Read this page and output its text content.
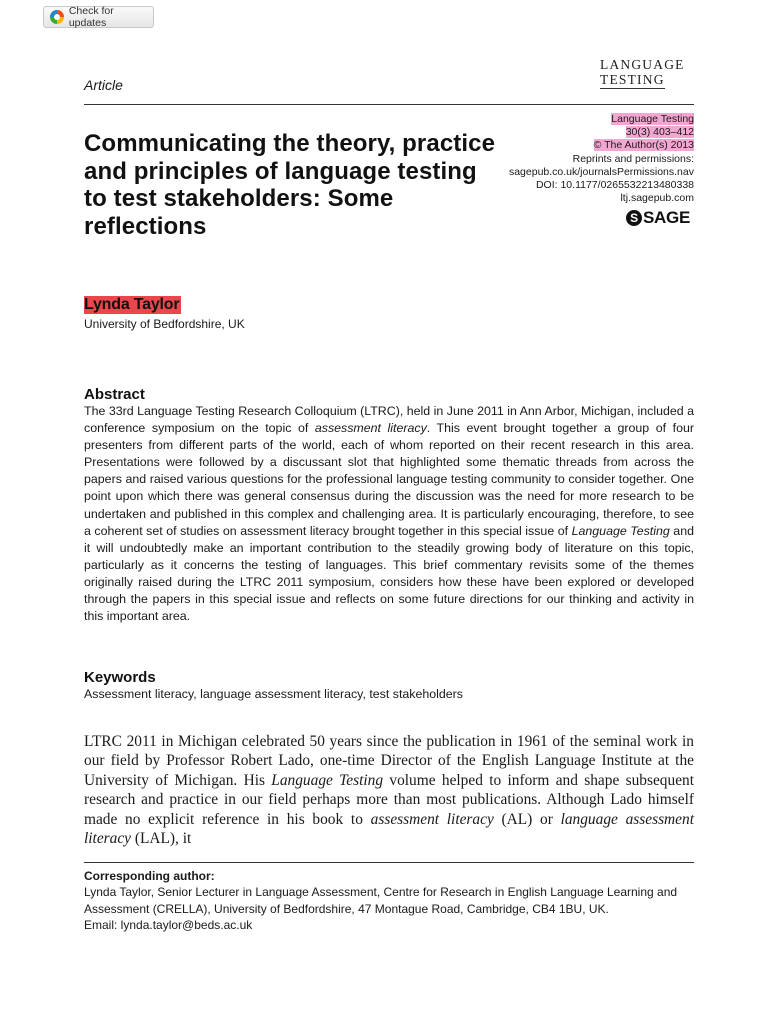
Check for updates
LANGUAGE
TESTING
Article
Language Testing
30(3) 403–412
© The Author(s) 2013
Reprints and permissions:
sagepub.co.uk/journalsPermissions.nav
DOI: 10.1177/0265532213480338
ltj.sagepub.com
S SAGE
Communicating the theory, practice and principles of language testing to test stakeholders: Some reflections
Lynda Taylor
University of Bedfordshire, UK
Abstract
The 33rd Language Testing Research Colloquium (LTRC), held in June 2011 in Ann Arbor, Michigan, included a conference symposium on the topic of assessment literacy. This event brought together a group of four presenters from different parts of the world, each of whom reported on their recent research in this area. Presentations were followed by a discussant slot that highlighted some thematic threads from across the papers and raised various questions for the professional language testing community to consider together. One point upon which there was general consensus during the discussion was the need for more research to be undertaken and published in this complex and challenging area. It is particularly encouraging, therefore, to see a coherent set of studies on assessment literacy brought together in this special issue of Language Testing and it will undoubtedly make an important contribution to the steadily growing body of literature on this topic, particularly as it concerns the testing of languages. This brief commentary revisits some of the themes originally raised during the LTRC 2011 symposium, considers how these have been explored or developed through the papers in this special issue and reflects on some future directions for our thinking and activity in this important area.
Keywords
Assessment literacy, language assessment literacy, test stakeholders
LTRC 2011 in Michigan celebrated 50 years since the publication in 1961 of the seminal work in our field by Professor Robert Lado, one-time Director of the English Language Institute at the University of Michigan. His Language Testing volume helped to inform and shape subsequent research and practice in our field perhaps more than most publications. Although Lado himself made no explicit reference in his book to assessment literacy (AL) or language assessment literacy (LAL), it
Corresponding author:
Lynda Taylor, Senior Lecturer in Language Assessment, Centre for Research in English Language Learning and Assessment (CRELLA), University of Bedfordshire, 47 Montague Road, Cambridge, CB4 1BU, UK.
Email: lynda.taylor@beds.ac.uk
